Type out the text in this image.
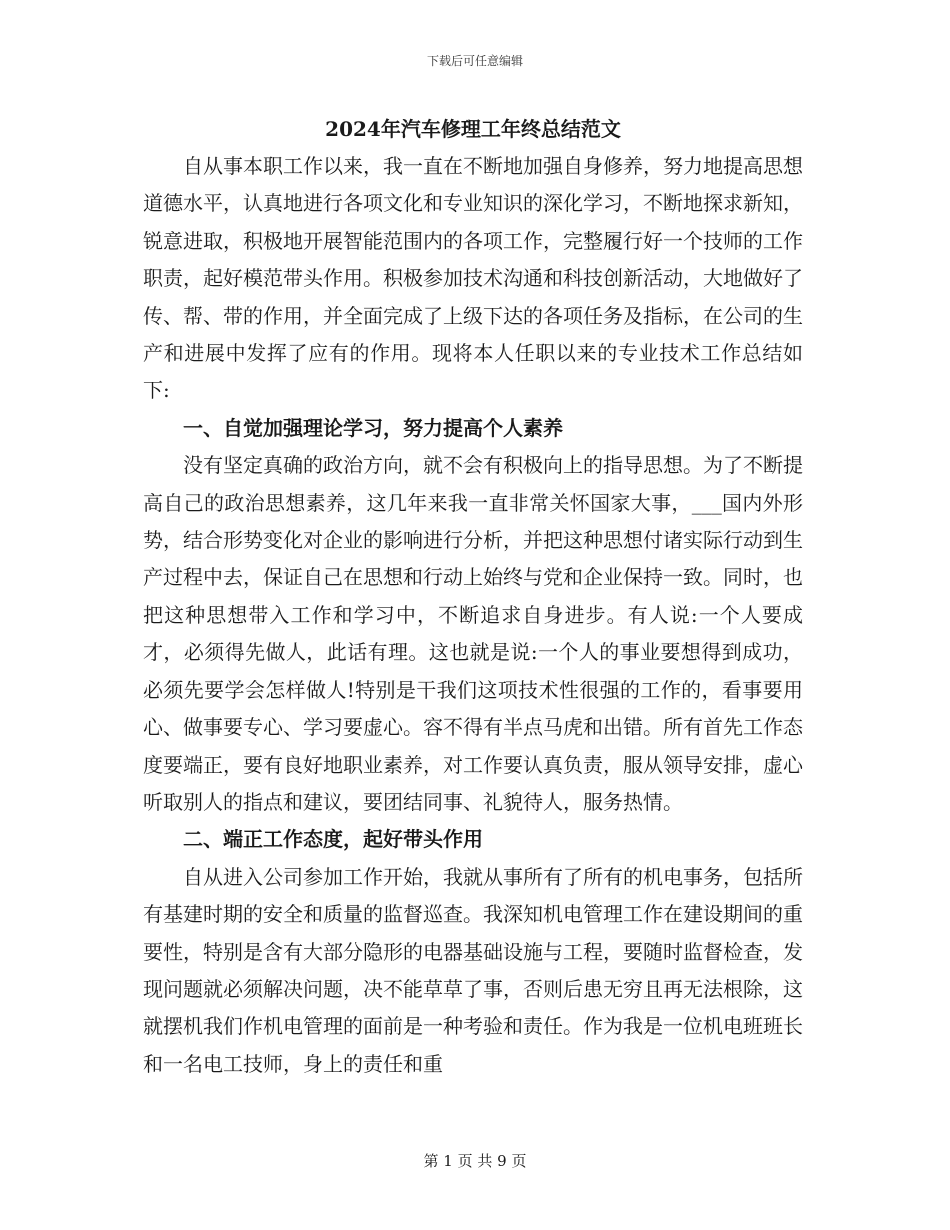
下载后可任意编辑
2024年汽车修理工年终总结范文

自从事本职工作以来，我一直在不断地加强自身修养，努力地提高思想道德水平，认真地进行各项文化和专业知识的深化学习，不断地探求新知，锐意进取，积极地开展智能范围内的各项工作，完整履行好一个技师的工作职责，起好模范带头作用。积极参加技术沟通和科技创新活动，大地做好了传、帮、带的作用，并全面完成了上级下达的各项任务及指标，在公司的生产和进展中发挥了应有的作用。现将本人任职以来的专业技术工作总结如下:

一、自觉加强理论学习，努力提高个人素养

没有坚定真确的政治方向，就不会有积极向上的指导思想。为了不断提高自己的政治思想素养，这几年来我一直非常关怀国家大事，___国内外形势，结合形势变化对企业的影响进行分析，并把这种思想付诸实际行动到生产过程中去，保证自己在思想和行动上始终与党和企业保持一致。同时，也把这种思想带入工作和学习中，不断追求自身进步。有人说:一个人要成才，必须得先做人，此话有理。这也就是说:一个人的事业要想得到成功，必须先要学会怎样做人!特别是干我们这项技术性很强的工作的，看事要用心、做事要专心、学习要虚心。容不得有半点马虎和出错。所有首先工作态度要端正，要有良好地职业素养，对工作要认真负责，服从领导安排，虚心听取别人的指点和建议，要团结同事、礼貌待人，服务热情。

二、端正工作态度，起好带头作用

自从进入公司参加工作开始，我就从事所有了所有的机电事务，包括所有基建时期的安全和质量的监督巡查。我深知机电管理工作在建设期间的重要性，特别是含有大部分隐形的电器基础设施与工程，要随时监督检查，发现问题就必须解决问题，决不能草草了事，否则后患无穷且再无法根除，这就摆机我们作机电管理的面前是一种考验和责任。作为我是一位机电班班长和一名电工技师，身上的责任和重

第 1 页 共 9 页
